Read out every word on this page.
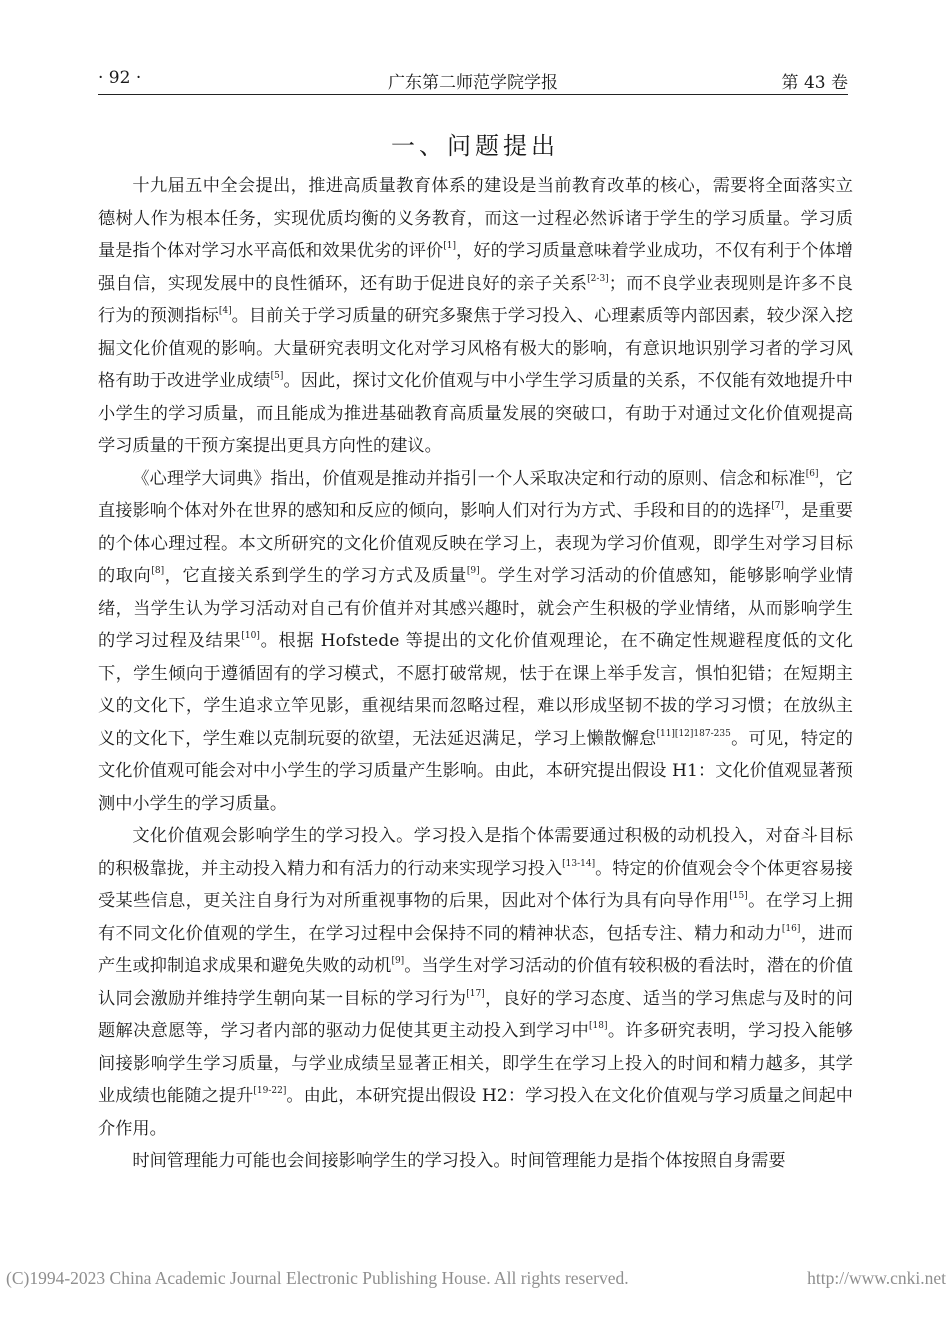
· 92 ·	广东第二师范学院学报	第 43 卷
一、问题提出

十九届五中全会提出，推进高质量教育体系的建设是当前教育改革的核心，需要将全面落实立德树人作为根本任务，实现优质均衡的义务教育，而这一过程必然诉诸于学生的学习质量。学习质量是指个体对学习水平高低和效果优劣的评价[1]，好的学习质量意味着学业成功，不仅有利于个体增强自信，实现发展中的良性循环，还有助于促进良好的亲子关系[2-3]；而不良学业表现则是许多不良行为的预测指标[4]。目前关于学习质量的研究多聚焦于学习投入、心理素质等内部因素，较少深入挖掘文化价值观的影响。大量研究表明文化对学习风格有极大的影响，有意识地识别学习者的学习风格有助于改进学业成绩[5]。因此，探讨文化价值观与中小学生学习质量的关系，不仅能有效地提升中小学生的学习质量，而且能成为推进基础教育高质量发展的突破口，有助于对通过文化价值观提高学习质量的干预方案提出更具方向性的建议。

《心理学大词典》指出，价值观是推动并指引一个人采取决定和行动的原则、信念和标准[6]，它直接影响个体对外在世界的感知和反应的倾向，影响人们对行为方式、手段和目的的选择[7]，是重要的个体心理过程。本文所研究的文化价值观反映在学习上，表现为学习价值观，即学生对学习目标的取向[8]，它直接关系到学生的学习方式及质量[9]。学生对学习活动的价值感知，能够影响学业情绪，当学生认为学习活动对自己有价值并对其感兴趣时，就会产生积极的学业情绪，从而影响学生的学习过程及结果[10]。根据 Hofstede 等提出的文化价值观理论，在不确定性规避程度低的文化下，学生倾向于遵循固有的学习模式，不愿打破常规，怯于在课上举手发言，惧怕犯错；在短期主义的文化下，学生追求立竿见影，重视结果而忽略过程，难以形成坚韧不拔的学习习惯；在放纵主义的文化下，学生难以克制玩耍的欲望，无法延迟满足，学习上懒散懈怠$^{[11][12]187-235}$。可见，特定的文化价值观可能会对中小学生的学习质量产生影响。由此，本研究提出假设 H1：文化价值观显著预测中小学生的学习质量。

文化价值观会影响学生的学习投入。学习投入是指个体需要通过积极的动机投入，对奋斗目标的积极靠拢，并主动投入精力和有活力的行动来实现学习投入[13-14]。特定的价值观会令个体更容易接受某些信息，更关注自身行为对所重视事物的后果，因此对个体行为具有向导作用[15]。在学习上拥有不同文化价值观的学生，在学习过程中会保持不同的精神状态，包括专注、精力和动力[16]，进而产生或抑制追求成果和避免失败的动机[9]。当学生对学习活动的价值有较积极的看法时，潜在的价值认同会激励并维持学生朝向某一目标的学习行为[17]，良好的学习态度、适当的学习焦虑与及时的问题解决意愿等，学习者内部的驱动力促使其更主动投入到学习中[18]。许多研究表明，学习投入能够间接影响学生学习质量，与学业成绩呈显著正相关，即学生在学习上投入的时间和精力越多，其学业成绩也能随之提升[19-22]。由此，本研究提出假设 H2：学习投入在文化价值观与学习质量之间起中介作用。

时间管理能力可能也会间接影响学生的学习投入。时间管理能力是指个体按照自身需要

(C)1994-2023 China Academic Journal Electronic Publishing House. All rights reserved.	http://www.cnki.net
